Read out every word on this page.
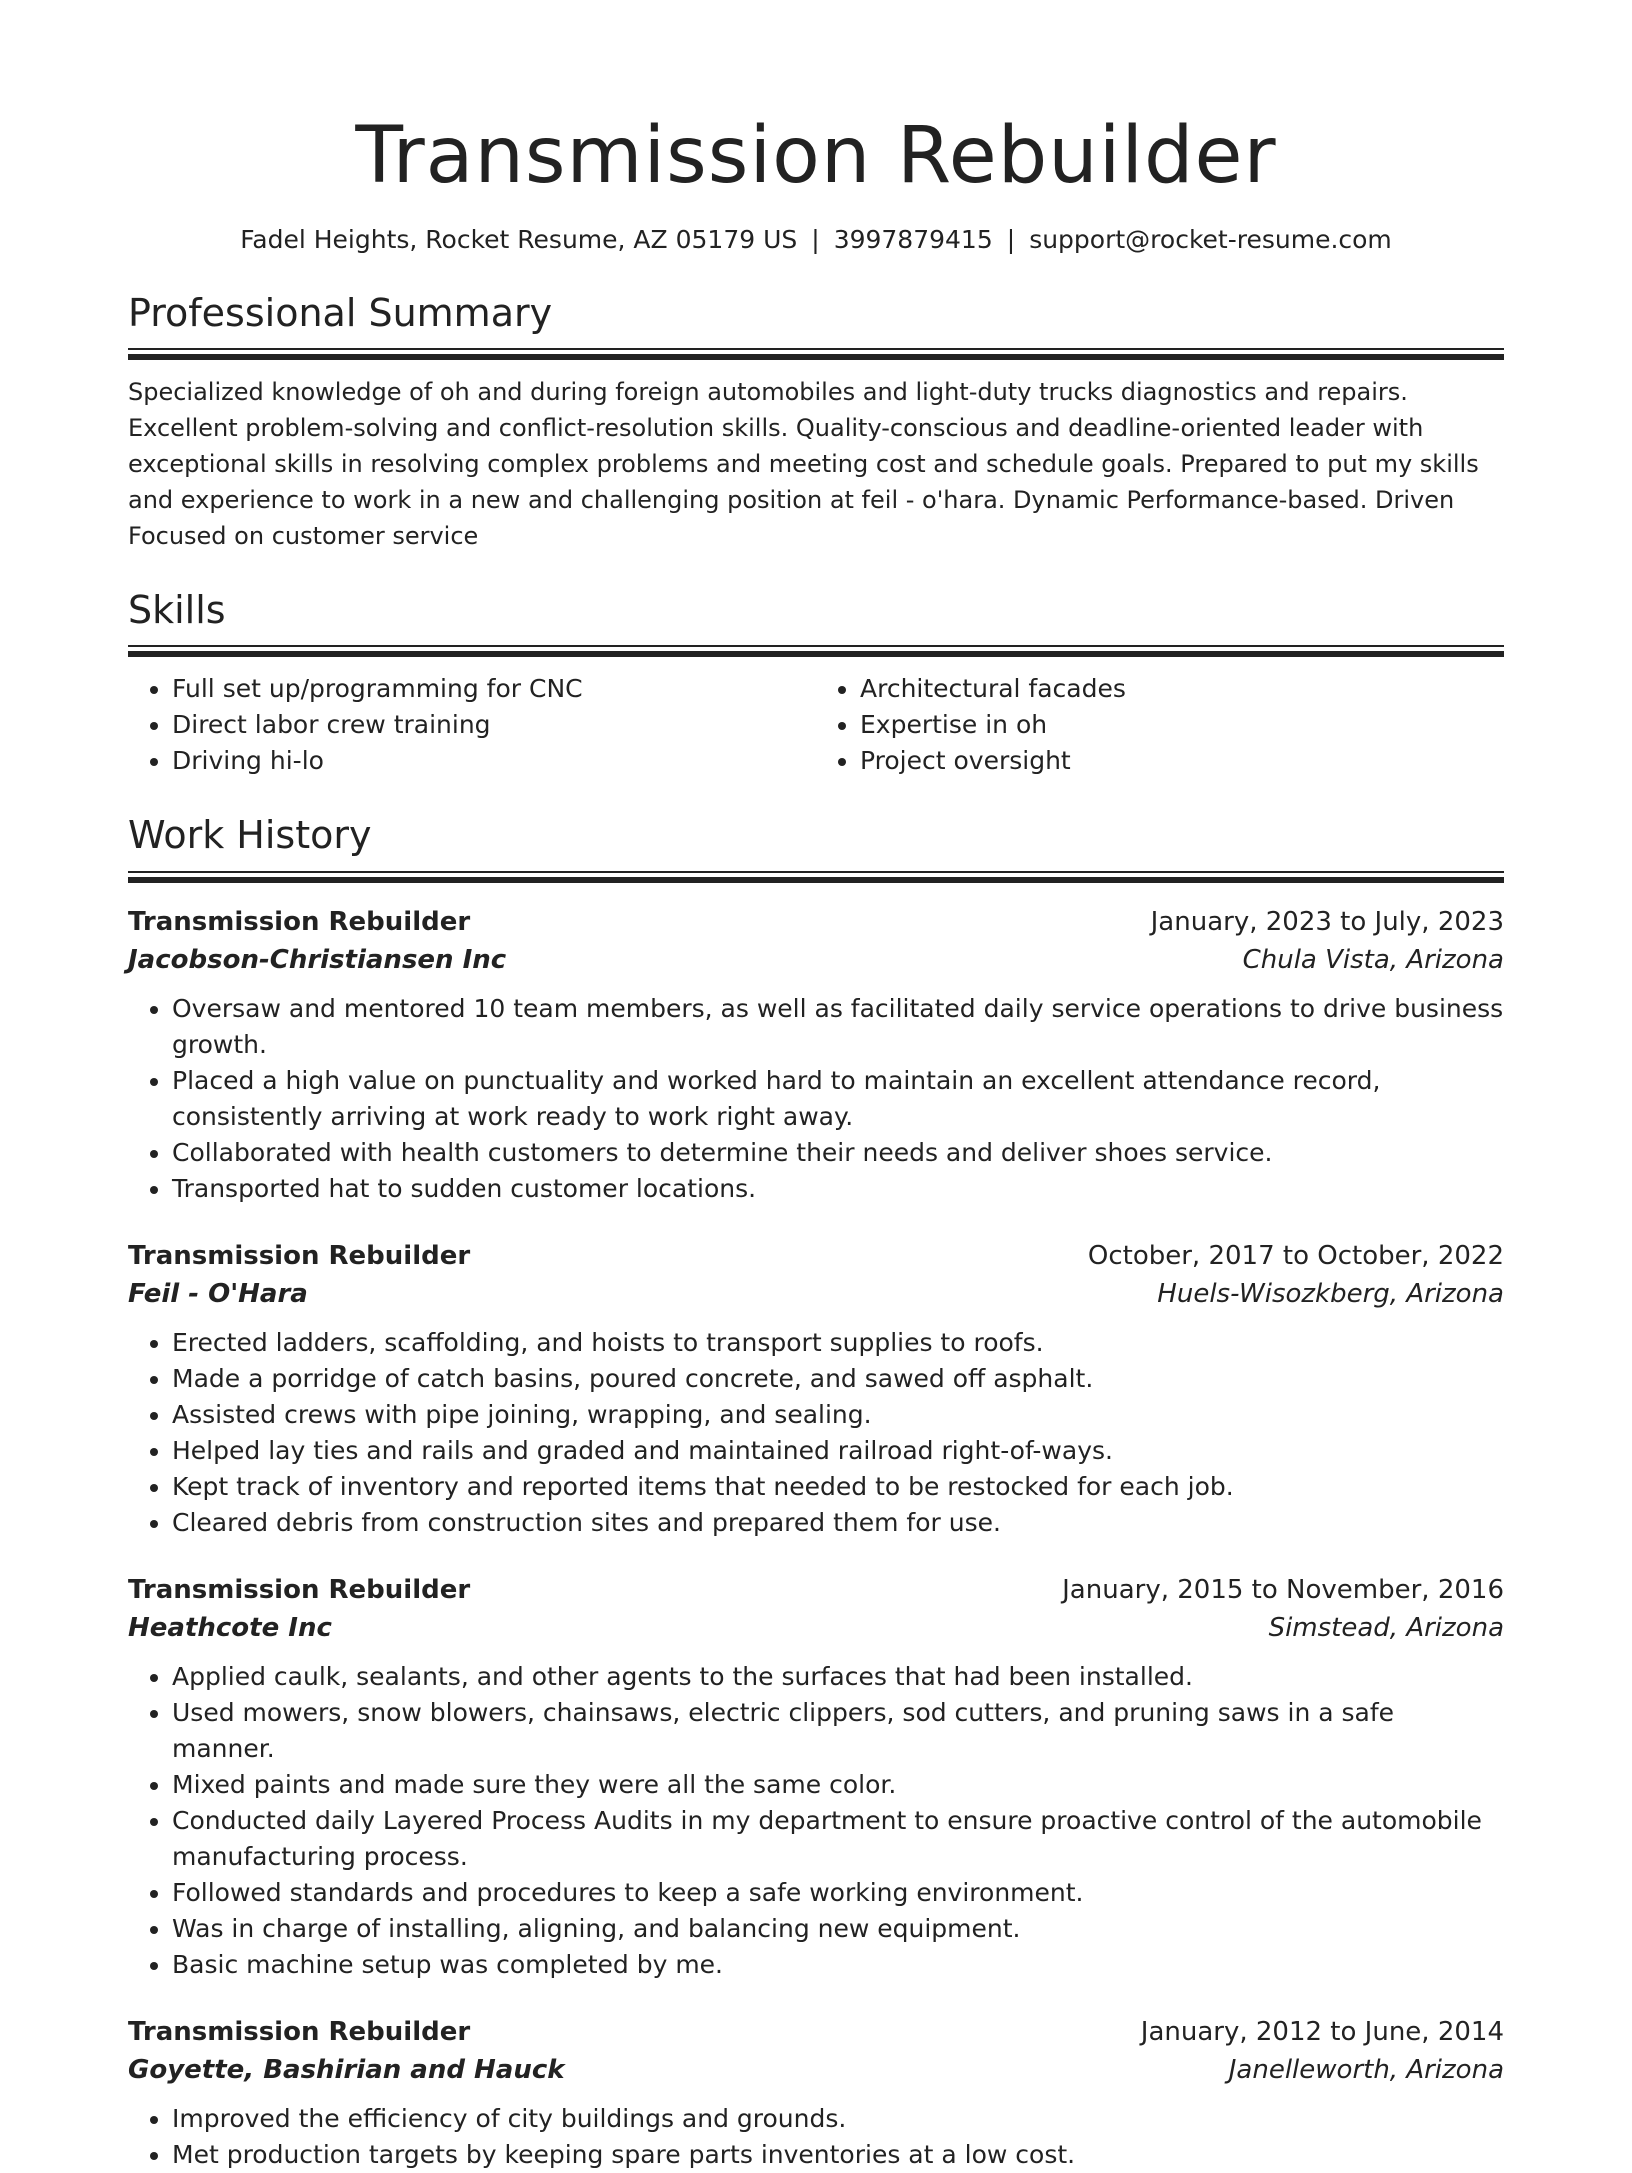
Transmission Rebuilder
Fadel Heights, Rocket Resume, AZ 05179 US | 3997879415 | support@rocket-resume.com
Professional Summary
Specialized knowledge of oh and during foreign automobiles and light-duty trucks diagnostics and repairs. Excellent problem-solving and conflict-resolution skills. Quality-conscious and deadline-oriented leader with exceptional skills in resolving complex problems and meeting cost and schedule goals. Prepared to put my skills and experience to work in a new and challenging position at feil - o'hara. Dynamic Performance-based. Driven Focused on customer service
Skills
• Full set up/programming for CNC
• Direct labor crew training
• Driving hi-lo
• Architectural facades
• Expertise in oh
• Project oversight
Work History
Transmission Rebuilder	January, 2023 to July, 2023
Jacobson-Christiansen Inc	Chula Vista, Arizona
• Oversaw and mentored 10 team members, as well as facilitated daily service operations to drive business growth.
• Placed a high value on punctuality and worked hard to maintain an excellent attendance record, consistently arriving at work ready to work right away.
• Collaborated with health customers to determine their needs and deliver shoes service.
• Transported hat to sudden customer locations.
Transmission Rebuilder	October, 2017 to October, 2022
Feil - O'Hara	Huels-Wisozkberg, Arizona
• Erected ladders, scaffolding, and hoists to transport supplies to roofs.
• Made a porridge of catch basins, poured concrete, and sawed off asphalt.
• Assisted crews with pipe joining, wrapping, and sealing.
• Helped lay ties and rails and graded and maintained railroad right-of-ways.
• Kept track of inventory and reported items that needed to be restocked for each job.
• Cleared debris from construction sites and prepared them for use.
Transmission Rebuilder	January, 2015 to November, 2016
Heathcote Inc	Simstead, Arizona
• Applied caulk, sealants, and other agents to the surfaces that had been installed.
• Used mowers, snow blowers, chainsaws, electric clippers, sod cutters, and pruning saws in a safe manner.
• Mixed paints and made sure they were all the same color.
• Conducted daily Layered Process Audits in my department to ensure proactive control of the automobile manufacturing process.
• Followed standards and procedures to keep a safe working environment.
• Was in charge of installing, aligning, and balancing new equipment.
• Basic machine setup was completed by me.
Transmission Rebuilder	January, 2012 to June, 2014
Goyette, Bashirian and Hauck	Janelleworth, Arizona
• Improved the efficiency of city buildings and grounds.
• Met production targets by keeping spare parts inventories at a low cost.
